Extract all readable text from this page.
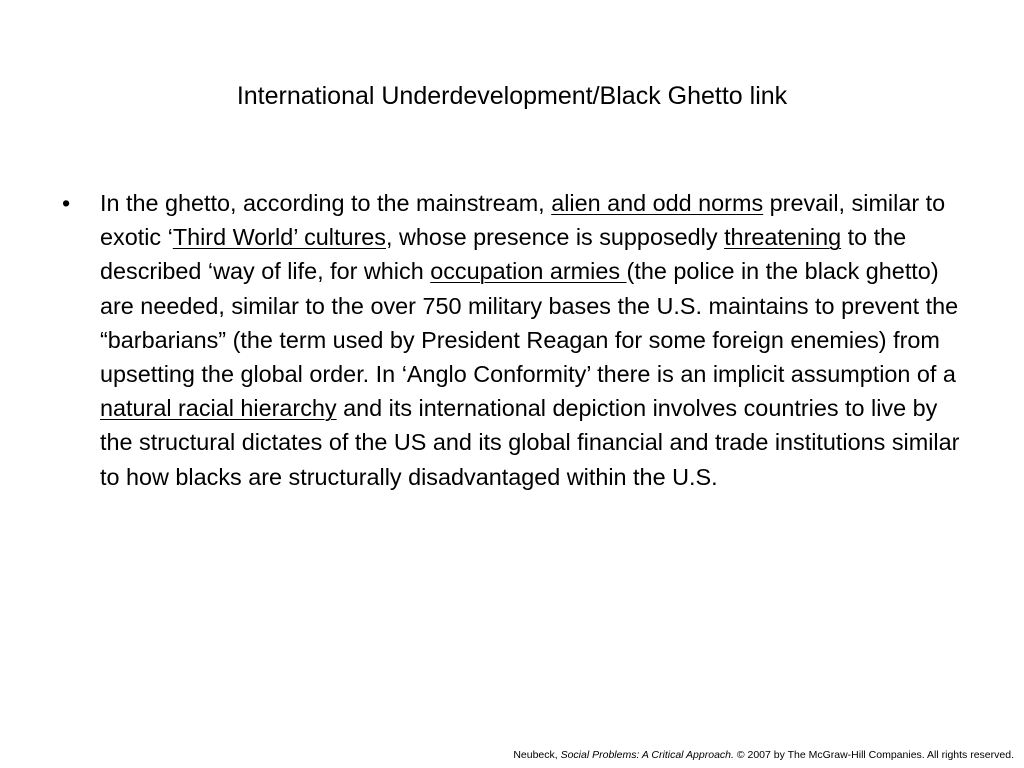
International Underdevelopment/Black Ghetto link
• In the ghetto, according to the mainstream, alien and odd norms prevail, similar to exotic ‘Third World’ cultures, whose presence is supposedly threatening to the described ‘way of life, for which occupation armies (the police in the black ghetto) are needed, similar to the over 750 military bases the U.S. maintains to prevent the “barbarians” (the term used by President Reagan for some foreign enemies) from upsetting the global order. In ‘Anglo Conformity’ there is an implicit assumption of a natural racial hierarchy and its international depiction involves countries to live by the structural dictates of the US and its global financial and trade institutions similar to how blacks are structurally disadvantaged within the U.S.
Neubeck, Social Problems: A Critical Approach. © 2007 by The McGraw-Hill Companies. All rights reserved.
